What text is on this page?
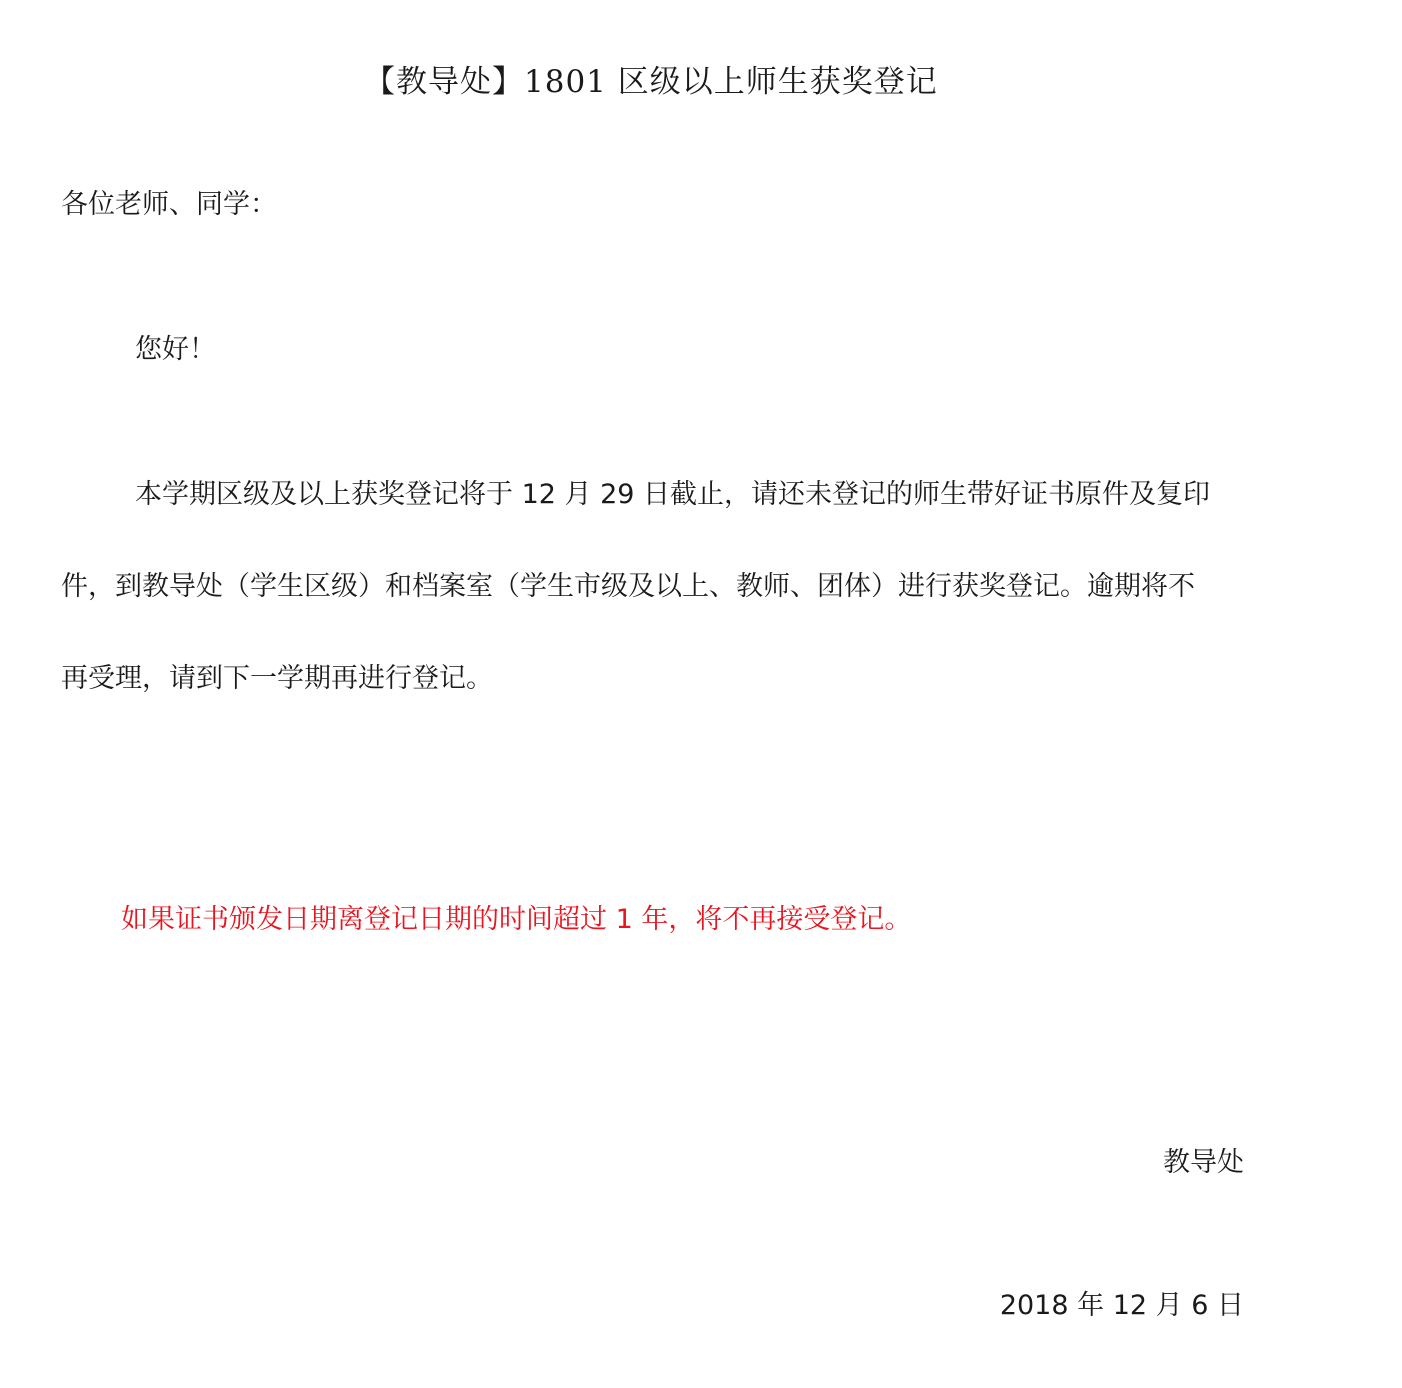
【教导处】1801 区级以上师生获奖登记
各位老师、同学：
您好！
本学期区级及以上获奖登记将于 12 月 29 日截止，请还未登记的师生带好证书原件及复印
件，到教导处（学生区级）和档案室（学生市级及以上、教师、团体）进行获奖登记。逾期将不
再受理，请到下一学期再进行登记。
如果证书颁发日期离登记日期的时间超过 1 年，将不再接受登记。
教导处
2018 年 12 月 6 日
